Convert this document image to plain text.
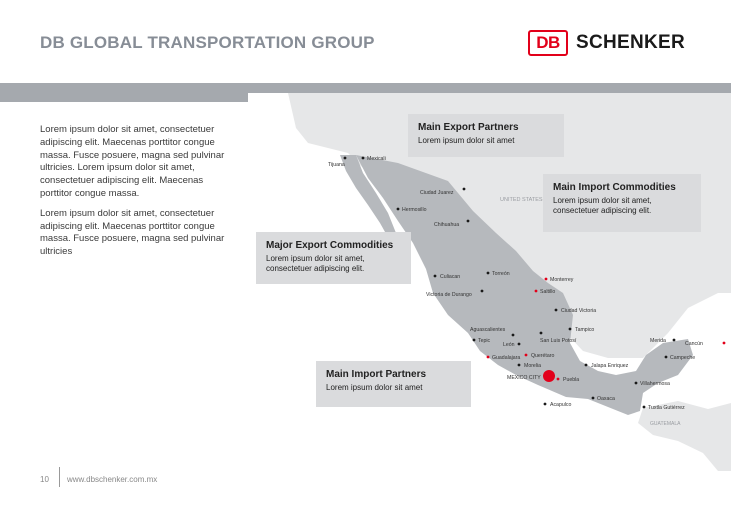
DB GLOBAL TRANSPORTATION GROUP	DB SCHENKER
UNITED STATES
GUATEMALA
Tijuana
Mexicali
Ciudad Juarez
Hermosillo
Chihuahua
Culiacan	Torreón
Monterrey
Saltillo
Victoria de Durango
Ciudad Victoria
Aguascalientes
Tepic
León
San Luis Potosí
Tampico
Guadalajara Querétaro
Morelia	Jalapa Enriquez
Puebla
Merida	Cancún
Campeche
Villahermosa
Oaxaca
Acapulco	Tuxtla Gutiérrez
MEXICO CITY

Lorem ipsum dolor sit amet, consectetuer adipiscing elit. Maecenas porttitor congue massa. Fusce posuere, magna sed pulvinar ultricies. Lorem ipsum dolor sit amet, consectetuer adipiscing elit. Maecenas porttitor congue massa.

Lorem ipsum dolor sit amet, consectetuer adipiscing elit. Maecenas porttitor congue massa. Fusce posuere, magna sed pulvinar ultricies

Main Export Partners
Lorem ipsum dolor sit amet
Main Import Commodities
Lorem ipsum dolor sit amet, consectetuer adipiscing elit.
Major Export Commodities
Lorem ipsum dolor sit amet, consectetuer adipiscing elit.
Main Import Partners
Lorem ipsum dolor sit amet
10 www.dbschenker.com.mx
